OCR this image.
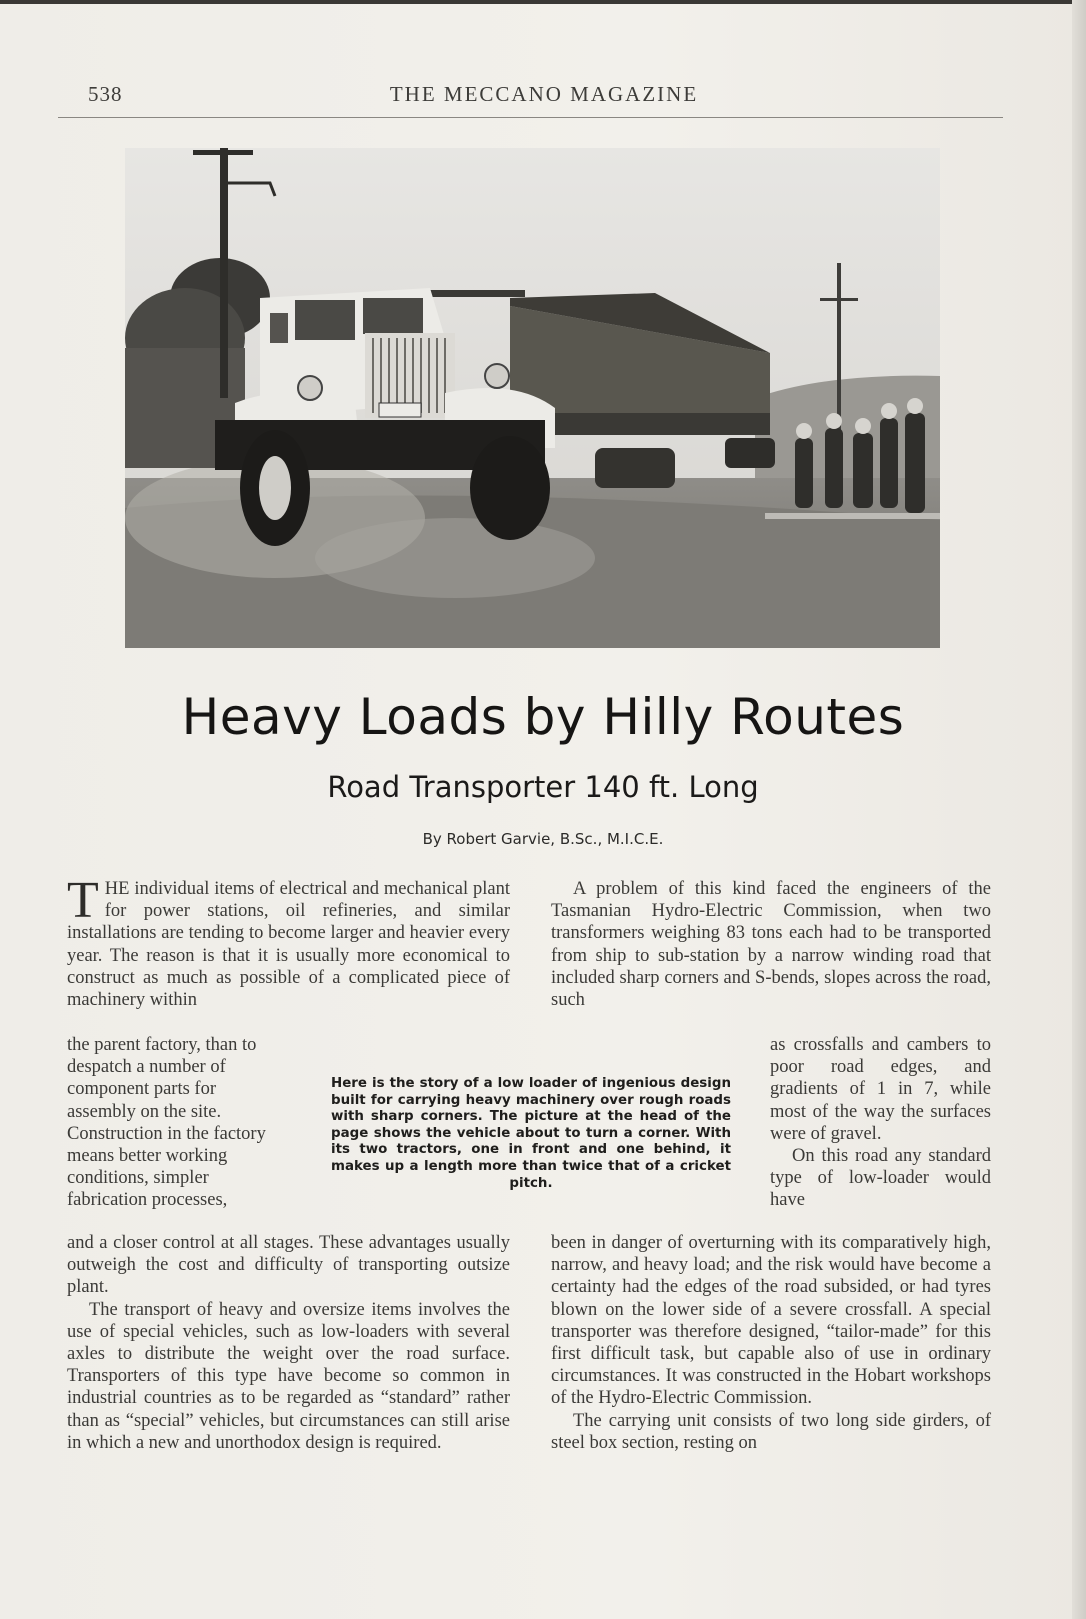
538	THE MECCANO MAGAZINE
Heavy Loads by Hilly Routes
Road Transporter 140 ft. Long
By Robert Garvie, B.Sc., M.I.C.E.

THE individual items of electrical and mechanical plant for power stations, oil refineries, and similar installations are tending to become larger and heavier every year. The reason is that it is usually more economical to construct as much as possible of a complicated piece of machinery within

the parent factory, than to despatch a number of component parts for assembly on the site. Construction in the factory means better working conditions, simpler fabrication processes,

and a closer control at all stages. These advantages usually outweigh the cost and difficulty of transporting outsize plant.

The transport of heavy and oversize items involves the use of special vehicles, such as low-loaders with several axles to distribute the weight over the road surface. Transporters of this type have become so common in industrial countries as to be regarded as “standard” rather than as “special” vehicles, but circumstances can still arise in which a new and unorthodox design is required.

Here is the story of a low loader of ingenious design built for carrying heavy machinery over rough roads with sharp corners. The picture at the head of the page shows the vehicle about to turn a corner. With its two tractors, one in front and one behind, it makes up a length more than twice that of a cricket pitch.

A problem of this kind faced the engineers of the Tasmanian Hydro-Electric Commission, when two transformers weighing 83 tons each had to be transported from ship to sub-station by a narrow winding road that included sharp corners and S-bends, slopes across the road, such

as crossfalls and cambers to poor road edges, and gradients of 1 in 7, while most of the way the surfaces were of gravel.

On this road any standard type of low-loader would have

been in danger of overturning with its comparatively high, narrow, and heavy load; and the risk would have become a certainty had the edges of the road subsided, or had tyres blown on the lower side of a severe crossfall. A special transporter was therefore designed, “tailor-made” for this first difficult task, but capable also of use in ordinary circumstances. It was constructed in the Hobart workshops of the Hydro-Electric Commission.

The carrying unit consists of two long side girders, of steel box section, resting on
